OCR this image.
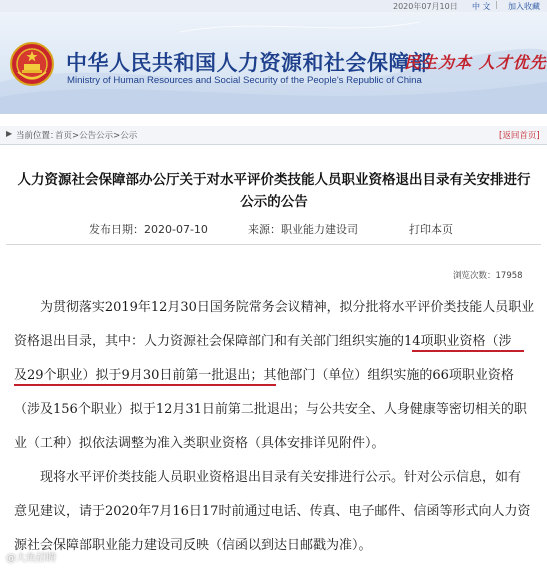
2020年07月10日 中 文 | 加入收藏
中华人民共和国人力资源和社会保障部
Ministry of Human Resources and Social Security of the People's Republic of China
民生为本 人才优先
▶ 当前位置：
首页>公告公示>公示	[返回首页]
人力资源社会保障部办公厅关于对水平评价类技能人员职业资格退出目录有关安排进行公示的公告
发布日期：2020-07-10	来源：职业能力建设司	打印本页
浏览次数：17958
为贯彻落实2019年12月30日国务院常务会议精神，拟分批将水平评价类技能人员职业
资格退出目录，其中：人力资源社会保障部门和有关部门组织实施的14项职业资格（涉
及29个职业）拟于9月30日前第一批退出；其他部门（单位）组织实施的66项职业资格
（涉及156个职业）拟于12月31日前第二批退出；与公共安全、人身健康等密切相关的职
业（工种）拟依法调整为准入类职业资格（具体安排详见附件）。
现将水平评价类技能人员职业资格退出目录有关安排进行公示。针对公示信息，如有
意见建议，请于2020年7月16日17时前通过电话、传真、电子邮件、信函等形式向人力资
源社会保障部职业能力建设司反映（信函以到达日邮戳为准）。
@大鱼招聘
